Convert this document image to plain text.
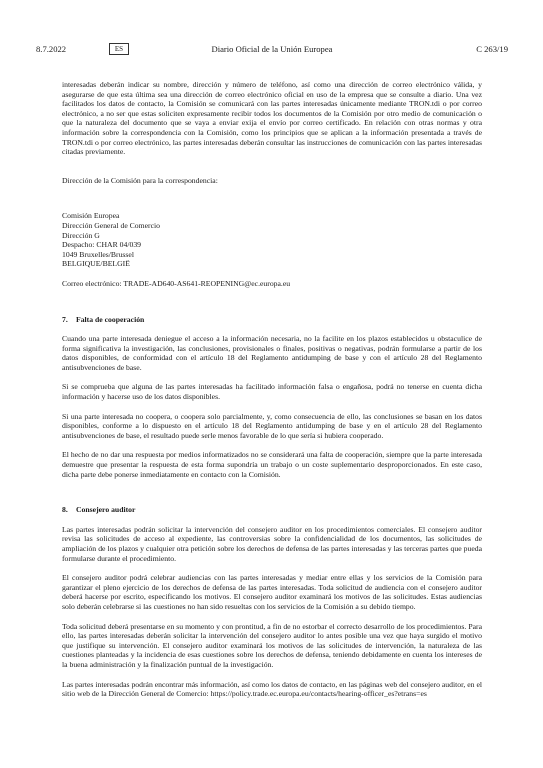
8.7.2022	ES	Diario Oficial de la Unión Europea	C 263/19

interesadas deberán indicar su nombre, dirección y número de teléfono, así como una dirección de correo electrónico válida, y asegurarse de que esta última sea una dirección de correo electrónico oficial en uso de la empresa que se consulte a diario. Una vez facilitados los datos de contacto, la Comisión se comunicará con las partes interesadas únicamente mediante TRON.tdi o por correo electrónico, a no ser que estas soliciten expresamente recibir todos los documentos de la Comisión por otro medio de comunicación o que la naturaleza del documento que se vaya a enviar exija el envío por correo certificado. En relación con otras normas y otra información sobre la correspondencia con la Comisión, como los principios que se aplican a la información presentada a través de TRON.tdi o por correo electrónico, las partes interesadas deberán consultar las instrucciones de comunicación con las partes interesadas citadas previamente.

Dirección de la Comisión para la correspondencia:

Comisión Europea

Dirección General de Comercio

Dirección G

Despacho: CHAR 04/039

1049 Bruxelles/Brussel

BELGIQUE/BELGIË

Correo electrónico: TRADE-AD640-AS641-REOPENING@ec.europa.eu

7.	Falta de cooperación

Cuando una parte interesada deniegue el acceso a la información necesaria, no la facilite en los plazos establecidos u obstaculice de forma significativa la investigación, las conclusiones, provisionales o finales, positivas o negativas, podrán formularse a partir de los datos disponibles, de conformidad con el artículo 18 del Reglamento antidumping de base y con el artículo 28 del Reglamento antisubvenciones de base.

Si se comprueba que alguna de las partes interesadas ha facilitado información falsa o engañosa, podrá no tenerse en cuenta dicha información y hacerse uso de los datos disponibles.

Si una parte interesada no coopera, o coopera solo parcialmente, y, como consecuencia de ello, las conclusiones se basan en los datos disponibles, conforme a lo dispuesto en el artículo 18 del Reglamento antidumping de base y en el artículo 28 del Reglamento antisubvenciones de base, el resultado puede serle menos favorable de lo que sería si hubiera cooperado.

El hecho de no dar una respuesta por medios informatizados no se considerará una falta de cooperación, siempre que la parte interesada demuestre que presentar la respuesta de esta forma supondría un trabajo o un coste suplementario desproporcionados. En este caso, dicha parte debe ponerse inmediatamente en contacto con la Comisión.

8.	Consejero auditor

Las partes interesadas podrán solicitar la intervención del consejero auditor en los procedimientos comerciales. El consejero auditor revisa las solicitudes de acceso al expediente, las controversias sobre la confidencialidad de los documentos, las solicitudes de ampliación de los plazos y cualquier otra petición sobre los derechos de defensa de las partes interesadas y las terceras partes que pueda formularse durante el procedimiento.

El consejero auditor podrá celebrar audiencias con las partes interesadas y mediar entre ellas y los servicios de la Comisión para garantizar el pleno ejercicio de los derechos de defensa de las partes interesadas. Toda solicitud de audiencia con el consejero auditor deberá hacerse por escrito, especificando los motivos. El consejero auditor examinará los motivos de las solicitudes. Estas audiencias solo deberán celebrarse si las cuestiones no han sido resueltas con los servicios de la Comisión a su debido tiempo.

Toda solicitud deberá presentarse en su momento y con prontitud, a fin de no estorbar el correcto desarrollo de los procedimientos. Para ello, las partes interesadas deberán solicitar la intervención del consejero auditor lo antes posible una vez que haya surgido el motivo que justifique su intervención. El consejero auditor examinará los motivos de las solicitudes de intervención, la naturaleza de las cuestiones planteadas y la incidencia de esas cuestiones sobre los derechos de defensa, teniendo debidamente en cuenta los intereses de la buena administración y la finalización puntual de la investigación.

Las partes interesadas podrán encontrar más información, así como los datos de contacto, en las páginas web del consejero auditor, en el sitio web de la Dirección General de Comercio: https://policy.trade.ec.europa.eu/contacts/hearing-officer_es?etrans=es
